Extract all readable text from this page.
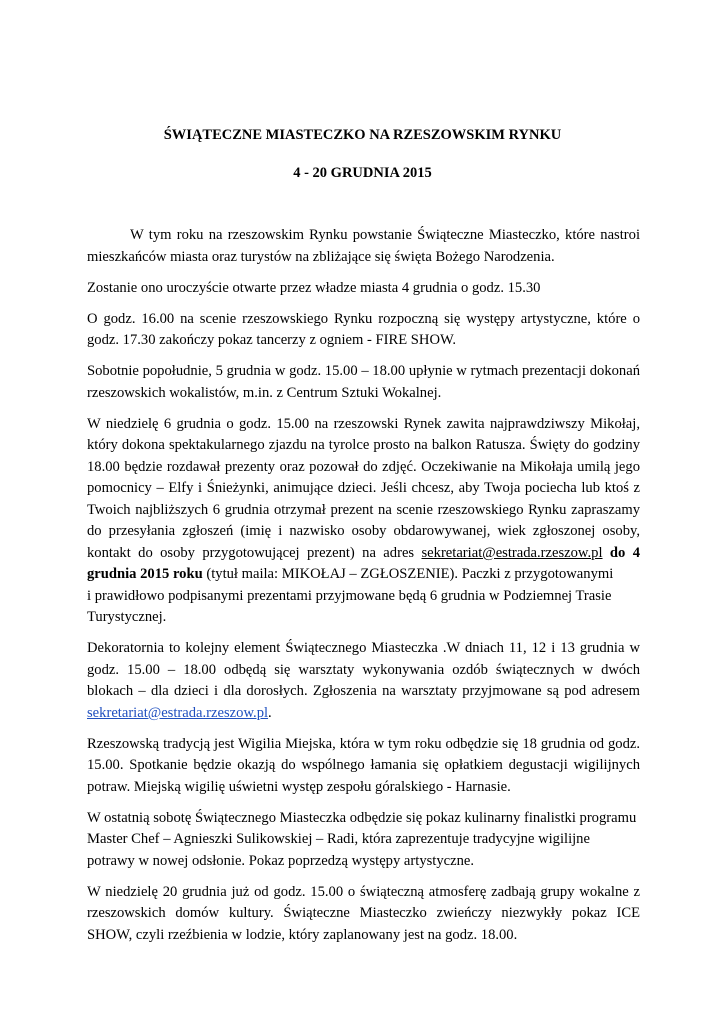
ŚWIĄTECZNE MIASTECZKO NA RZESZOWSKIM RYNKU
4 - 20 GRUDNIA 2015

W tym roku na rzeszowskim Rynku powstanie Świąteczne Miasteczko, które nastroi mieszkańców miasta oraz turystów na zbliżające się święta Bożego Narodzenia.

Zostanie ono uroczyście otwarte przez władze miasta 4 grudnia o godz. 15.30

O godz. 16.00 na scenie rzeszowskiego Rynku rozpoczną się występy artystyczne, które o godz. 17.30 zakończy pokaz tancerzy z ogniem - FIRE SHOW.

Sobotnie popołudnie, 5 grudnia w godz. 15.00 – 18.00 upłynie w rytmach prezentacji dokonań rzeszowskich wokalistów, m.in. z Centrum Sztuki Wokalnej.

W niedzielę 6 grudnia o godz. 15.00 na rzeszowski Rynek zawita najprawdziwszy Mikołaj, który dokona spektakularnego zjazdu na tyrolce prosto na balkon Ratusza. Święty do godziny 18.00 będzie rozdawał prezenty oraz pozował do zdjęć. Oczekiwanie na Mikołaja umilą jego pomocnicy – Elfy i Śnieżynki, animujące dzieci. Jeśli chcesz, aby Twoja pociecha lub ktoś z Twoich najbliższych 6 grudnia otrzymał prezent na scenie rzeszowskiego Rynku zapraszamy do przesyłania zgłoszeń (imię i nazwisko osoby obdarowywanej, wiek zgłoszonej osoby, kontakt do osoby przygotowującej prezent) na adres sekretariat@estrada.rzeszow.pl do 4 grudnia 2015 roku (tytuł maila: MIKOŁAJ – ZGŁOSZENIE). Paczki z przygotowanymi

i prawidłowo podpisanymi prezentami przyjmowane będą 6 grudnia w Podziemnej Trasie Turystycznej.

Dekoratornia to kolejny element Świątecznego Miasteczka .W dniach 11, 12 i 13 grudnia w godz. 15.00 – 18.00 odbędą się warsztaty wykonywania ozdób świątecznych w dwóch blokach – dla dzieci i dla dorosłych. Zgłoszenia na warsztaty przyjmowane są pod adresem sekretariat@estrada.rzeszow.pl.

Rzeszowską tradycją jest Wigilia Miejska, która w tym roku odbędzie się 18 grudnia od godz. 15.00. Spotkanie będzie okazją do wspólnego łamania się opłatkiem degustacji wigilijnych potraw. Miejską wigilię uświetni występ zespołu góralskiego - Harnasie.

W ostatnią sobotę Świątecznego Miasteczka odbędzie się pokaz kulinarny finalistki programu Master Chef – Agnieszki Sulikowskiej – Radi, która zaprezentuje tradycyjne wigilijne potrawy w nowej odsłonie. Pokaz poprzedzą występy artystyczne.

W niedzielę 20 grudnia już od godz. 15.00 o świąteczną atmosferę zadbają grupy wokalne z rzeszowskich domów kultury. Świąteczne Miasteczko zwieńczy niezwykły pokaz ICE SHOW, czyli rzeźbienia w lodzie, który zaplanowany jest na godz. 18.00.
